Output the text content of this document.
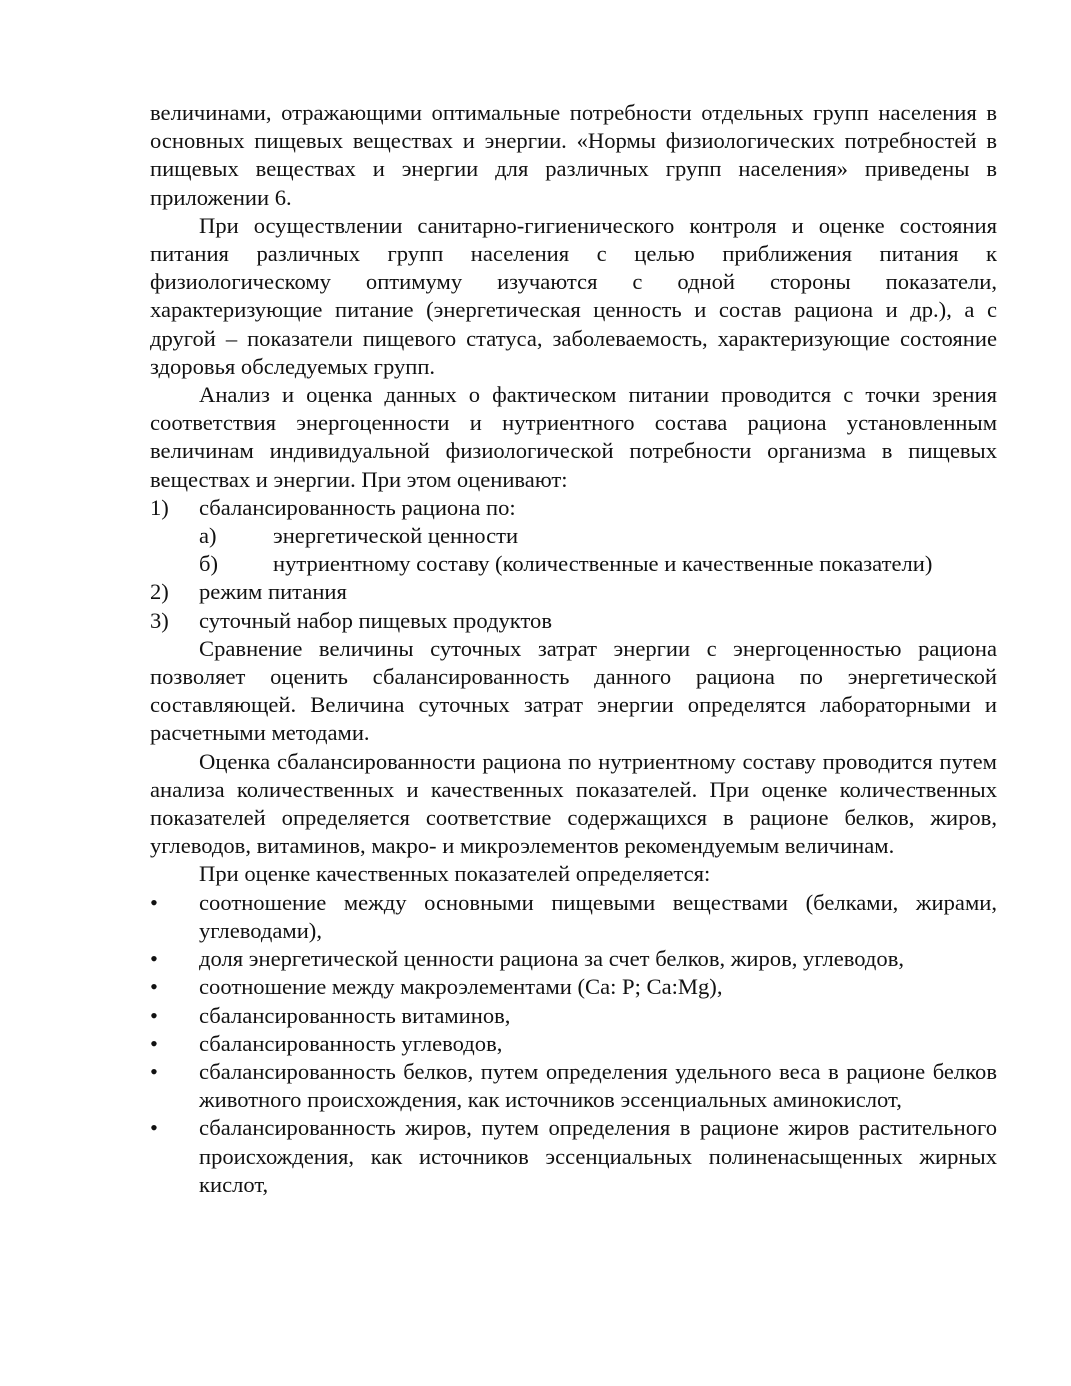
величинами, отражающими оптимальные потребности отдельных групп населения в основных пищевых веществах и энергии. «Нормы физиологических потребностей в пищевых веществах и энергии для различных групп населения» приведены в приложении 6.

При осуществлении санитарно-гигиенического контроля и оценке состояния питания различных групп населения с целью приближения питания к физиологическому оптимуму изучаются с одной стороны показатели, характеризующие питание (энергетическая ценность и состав рациона и др.), а с другой – показатели пищевого статуса, заболеваемость, характеризующие состояние здоровья обследуемых групп.

Анализ и оценка данных о фактическом питании проводится с точки зрения соответствия энергоценности и нутриентного состава рациона установленным величинам индивидуальной физиологической потребности организма в пищевых веществах и энергии. При этом оценивают:

1) сбалансированность рациона по:
а) энергетической ценности
б) нутриентному составу (количественные и качественные показатели)
2) режим питания
3) суточный набор пищевых продуктов

Сравнение величины суточных затрат энергии с энергоценностью рациона позволяет оценить сбалансированность данного рациона по энергетической составляющей. Величина суточных затрат энергии определятся лабораторными и расчетными методами.

Оценка сбалансированности рациона по нутриентному составу проводится путем анализа количественных и качественных показателей. При оценке количественных показателей определяется соответствие содержащихся в рационе белков, жиров, углеводов, витаминов, макро- и микроэлементов рекомендуемым величинам.

При оценке качественных показателей определяется:

• соотношение между основными пищевыми веществами (белками, жирами, углеводами),
• доля энергетической ценности рациона за счет белков, жиров, углеводов,
• соотношение между макроэлементами (Ca: P; Ca:Mg),
• сбалансированность витаминов,
• сбалансированность углеводов,
• сбалансированность белков, путем определения удельного веса в рационе белков животного происхождения, как источников эссенциальных аминокислот,
• сбалансированность жиров, путем определения в рационе жиров растительного происхождения, как источников эссенциальных полиненасыщенных жирных кислот,
